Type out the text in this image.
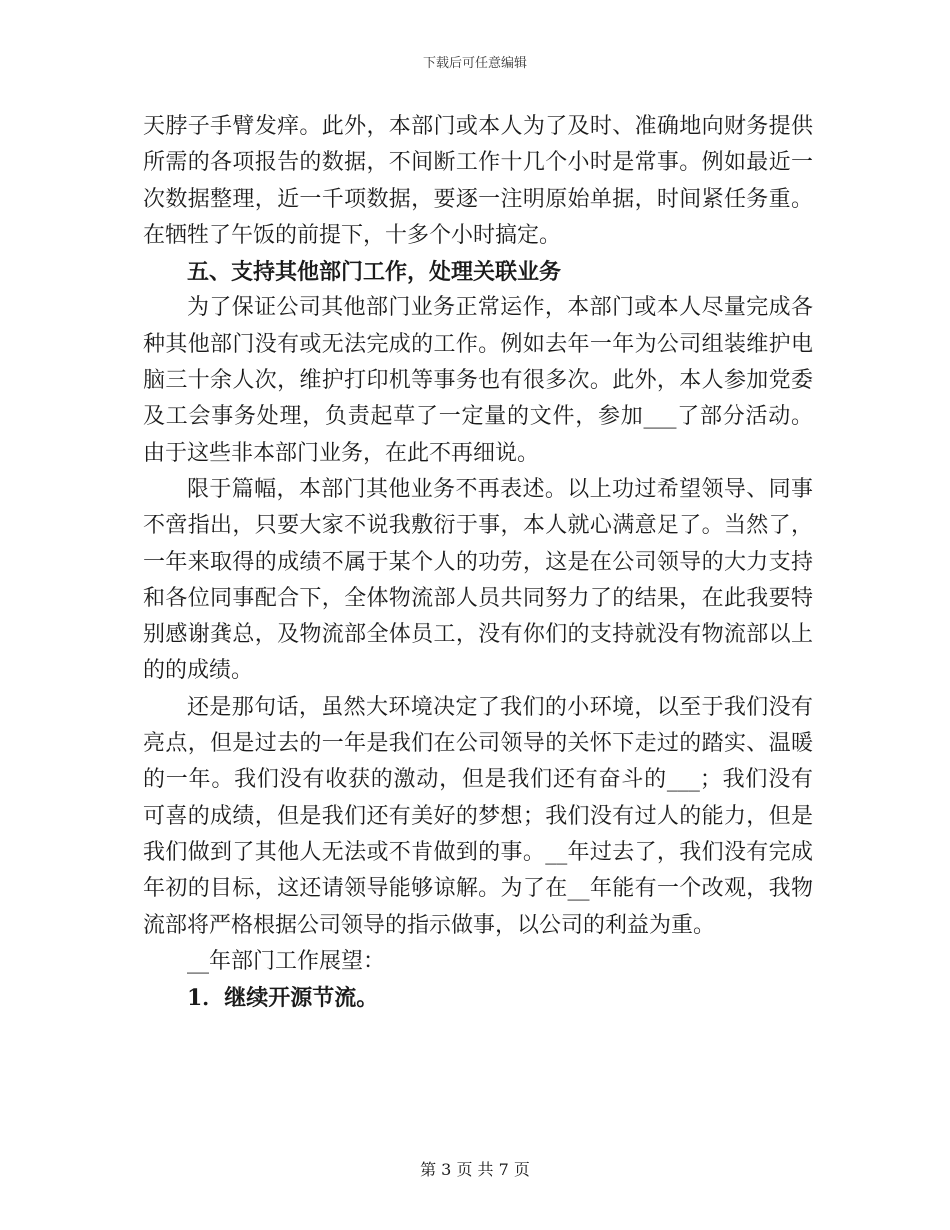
下载后可任意编辑

天脖子手臂发痒。此外，本部门或本人为了及时、准确地向财务提供所需的各项报告的数据，不间断工作十几个小时是常事。例如最近一次数据整理，近一千项数据，要逐一注明原始单据，时间紧任务重。在牺牲了午饭的前提下，十多个小时搞定。

五、支持其他部门工作，处理关联业务

为了保证公司其他部门业务正常运作，本部门或本人尽量完成各种其他部门没有或无法完成的工作。例如去年一年为公司组装维护电脑三十余人次，维护打印机等事务也有很多次。此外，本人参加党委及工会事务处理，负责起草了一定量的文件，参加___了部分活动。由于这些非本部门业务，在此不再细说。

限于篇幅，本部门其他业务不再表述。以上功过希望领导、同事不啻指出，只要大家不说我敷衍于事，本人就心满意足了。当然了，一年来取得的成绩不属于某个人的功劳，这是在公司领导的大力支持和各位同事配合下，全体物流部人员共同努力了的结果，在此我要特别感谢龚总，及物流部全体员工，没有你们的支持就没有物流部以上的的成绩。

还是那句话，虽然大环境决定了我们的小环境，以至于我们没有亮点，但是过去的一年是我们在公司领导的关怀下走过的踏实、温暖的一年。我们没有收获的激动，但是我们还有奋斗的___；我们没有可喜的成绩，但是我们还有美好的梦想；我们没有过人的能力，但是我们做到了其他人无法或不肯做到的事。__年过去了，我们没有完成年初的目标，这还请领导能够谅解。为了在__年能有一个改观，我物流部将严格根据公司领导的指示做事，以公司的利益为重。

__年部门工作展望：

1．继续开源节流。

第 3 页 共 7 页
